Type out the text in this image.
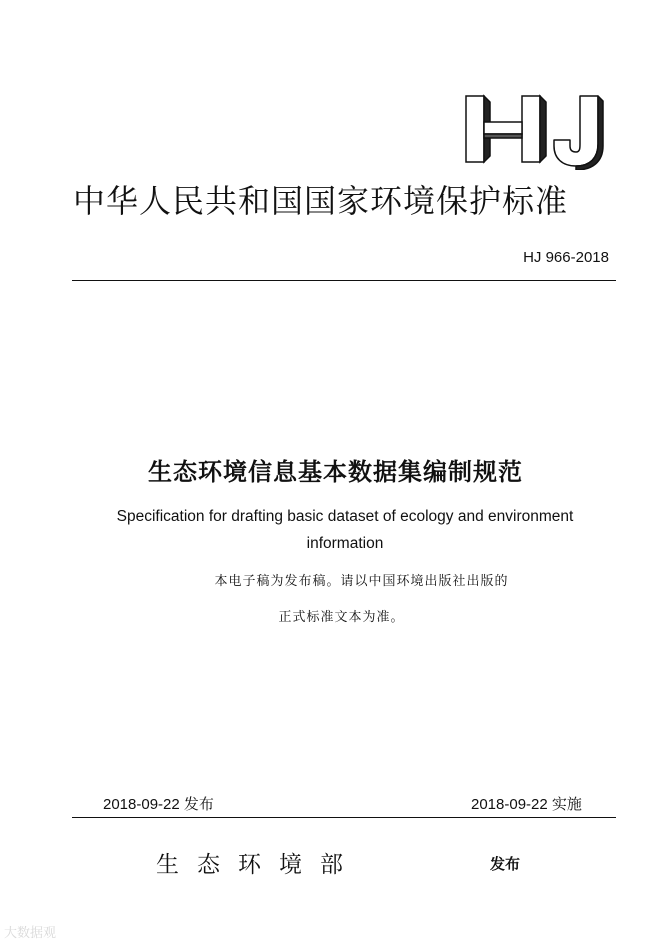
中华人民共和国国家环境保护标准
HJ 966-2018
生态环境信息基本数据集编制规范
Specification for drafting basic dataset of ecology and environment information
本电子稿为发布稿。请以中国环境出版社出版的
正式标准文本为准。
2018-09-22 发布	2018-09-22 实施
生态环境部	发布
大数据观
